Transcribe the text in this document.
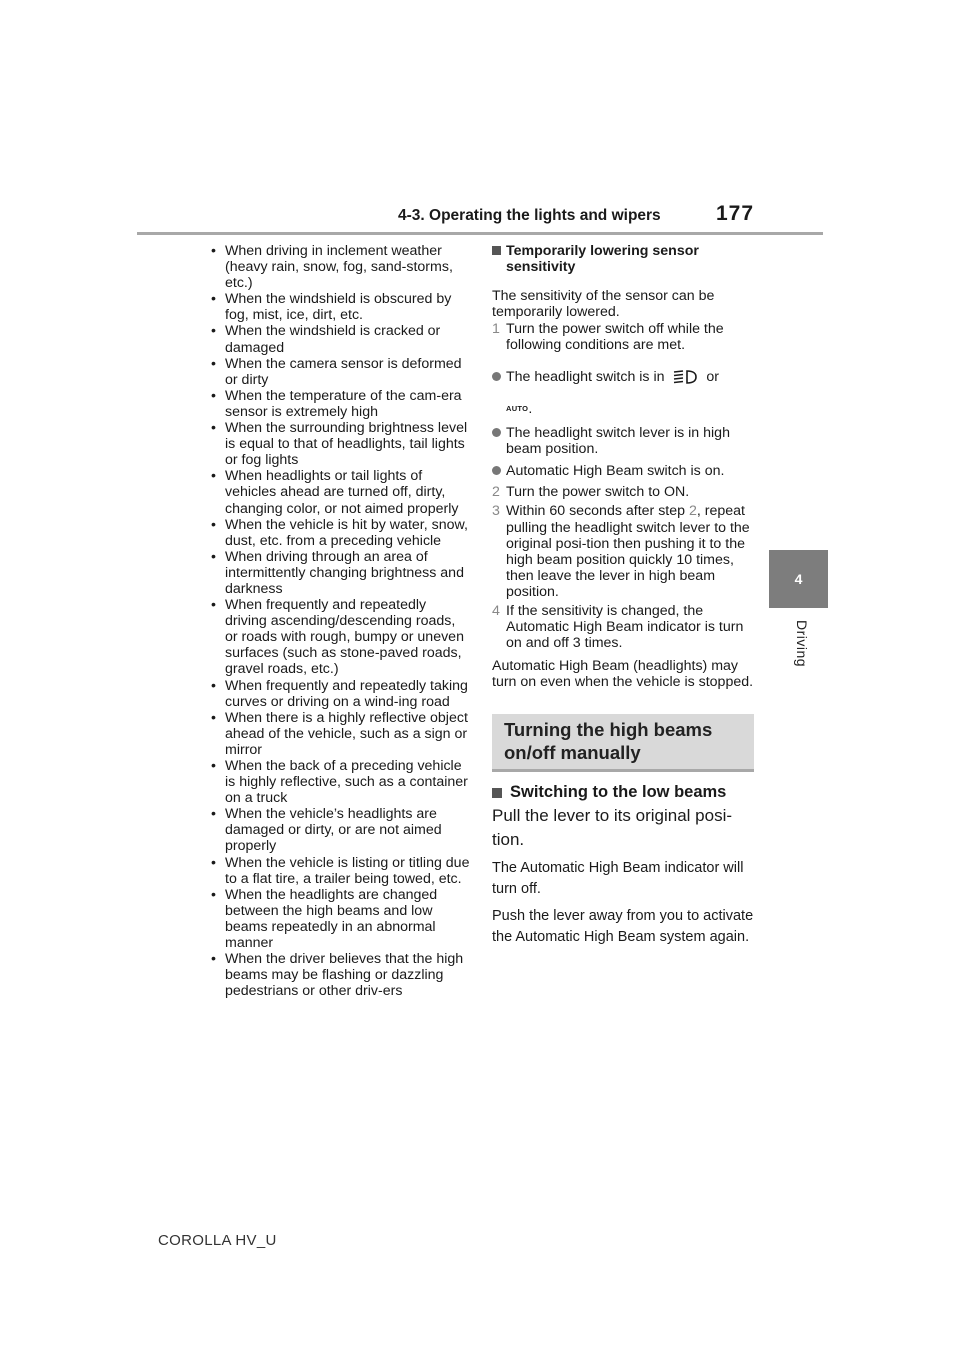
4-3. Operating the lights and wipers	177
4
Driving
• When driving in inclement weather (heavy rain, snow, fog, sand-storms, etc.)
• When the windshield is obscured by fog, mist, ice, dirt, etc.
• When the windshield is cracked or damaged
• When the camera sensor is deformed or dirty
• When the temperature of the cam-era sensor is extremely high
• When the surrounding brightness level is equal to that of headlights, tail lights or fog lights
• When headlights or tail lights of vehicles ahead are turned off, dirty, changing color, or not aimed properly
• When the vehicle is hit by water, snow, dust, etc. from a preceding vehicle
• When driving through an area of intermittently changing brightness and darkness
• When frequently and repeatedly driving ascending/descending roads, or roads with rough, bumpy or uneven surfaces (such as stone-paved roads, gravel roads, etc.)
• When frequently and repeatedly taking curves or driving on a wind-ing road
• When there is a highly reflective object ahead of the vehicle, such as a sign or mirror
• When the back of a preceding vehicle is highly reflective, such as a container on a truck
• When the vehicle’s headlights are damaged or dirty, or are not aimed properly
• When the vehicle is listing or titling due to a flat tire, a trailer being towed, etc.
• When the headlights are changed between the high beams and low beams repeatedly in an abnormal manner
• When the driver believes that the high beams may be flashing or dazzling pedestrians or other driv-ers

Temporarily lowering sensor sensitivity

The sensitivity of the sensor can be temporarily lowered.

1 Turn the power switch off while the following conditions are met.

The headlight switch is in	or
AUTO.

The headlight switch lever is in high beam position.

Automatic High Beam switch is on.

2 Turn the power switch to ON.

3 Within 60 seconds after step 2, repeat pulling the headlight switch lever to the original posi-tion then pushing it to the high beam position quickly 10 times, then leave the lever in high beam position.

4 If the sensitivity is changed, the Automatic High Beam indicator is turn on and off 3 times.

Automatic High Beam (headlights) may turn on even when the vehicle is stopped.

Turning the high beams on/off manually

Switching to the low beams

Pull the lever to its original posi-tion.

The Automatic High Beam indicator will turn off.

Push the lever away from you to activate the Automatic High Beam system again.

COROLLA HV_U
